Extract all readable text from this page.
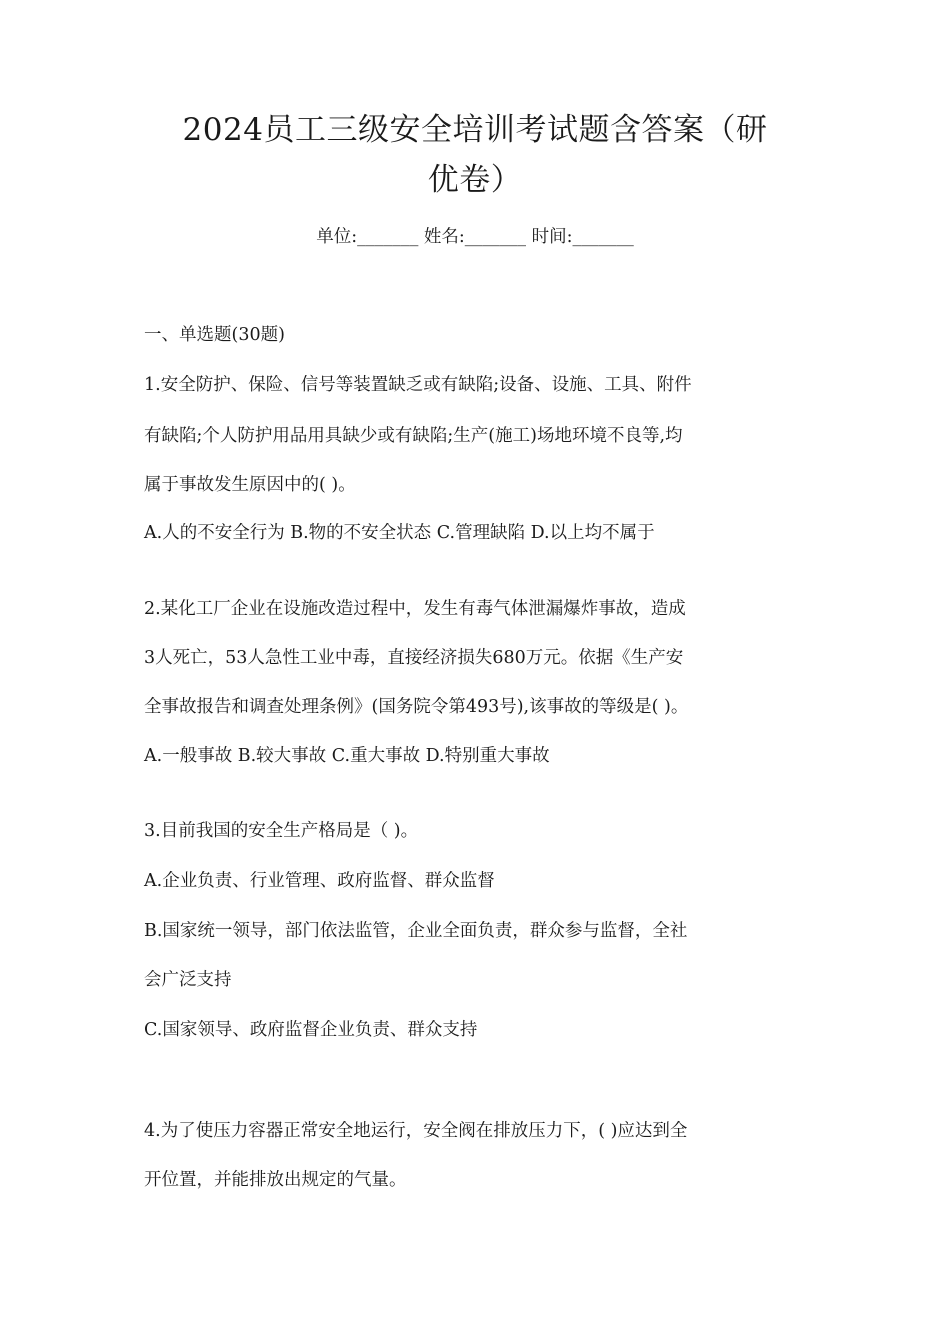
2024员工三级安全培训考试题含答案（研
优卷）
单位:_______ 姓名:_______ 时间:_______
一、单选题(30题)
1.安全防护、保险、信号等装置缺乏或有缺陷;设备、设施、工具、附件
有缺陷;个人防护用品用具缺少或有缺陷;生产(施工)场地环境不良等,均
属于事故发生原因中的( )。
A.人的不安全行为 B.物的不安全状态 C.管理缺陷 D.以上均不属于
2.某化工厂企业在设施改造过程中，发生有毒气体泄漏爆炸事故，造成
3人死亡，53人急性工业中毒，直接经济损失680万元。依据《生产安
全事故报告和调查处理条例》(国务院令第493号),该事故的等级是( )。
A.一般事故 B.较大事故 C.重大事故 D.特别重大事故
3.目前我国的安全生产格局是（ )。
A.企业负责、行业管理、政府监督、群众监督
B.国家统一领导，部门依法监管，企业全面负责，群众参与监督，全社
会广泛支持
C.国家领导、政府监督企业负责、群众支持
4.为了使压力容器正常安全地运行，安全阀在排放压力下，( )应达到全
开位置，并能排放出规定的气量。
